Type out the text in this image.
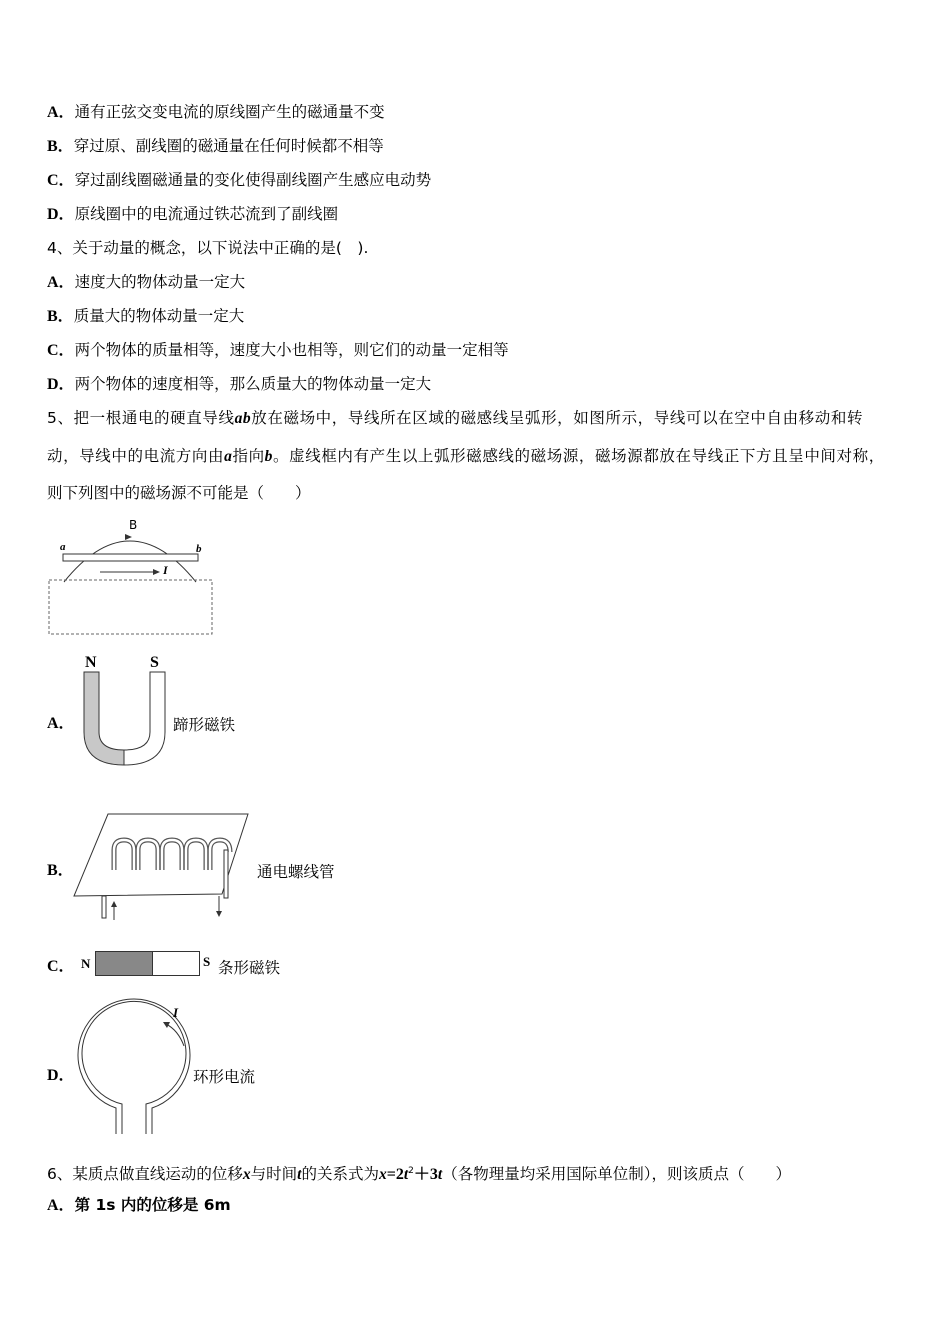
A．通有正弦交变电流的原线圈产生的磁通量不变
B．穿过原、副线圈的磁通量在任何时候都不相等
C．穿过副线圈磁通量的变化使得副线圈产生感应电动势
D．原线圈中的电流通过铁芯流到了副线圈
4、关于动量的概念，以下说法中正确的是(　).
A．速度大的物体动量一定大
B．质量大的物体动量一定大
C．两个物体的质量相等，速度大小也相等，则它们的动量一定相等
D．两个物体的速度相等，那么质量大的物体动量一定大
5、把一根通电的硬直导线ab放在磁场中，导线所在区域的磁感线呈弧形，如图所示，导线可以在空中自由移动和转
动，导线中的电流方向由a指向b。虚线框内有产生以上弧形磁感线的磁场源，磁场源都放在导线正下方且呈中间对称，
则下列图中的磁场源不可能是（　　）
B
a	b
I
N	S
A．	蹄形磁铁
B．	通电螺线管
C． N	S 条形磁铁
I
D．	环形电流
6、某质点做直线运动的位移x与时间t的关系式为$x=2t^2+3t$（各物理量均采用国际单位制），则该质点（　　）
A．第 1s 内的位移是 6m
